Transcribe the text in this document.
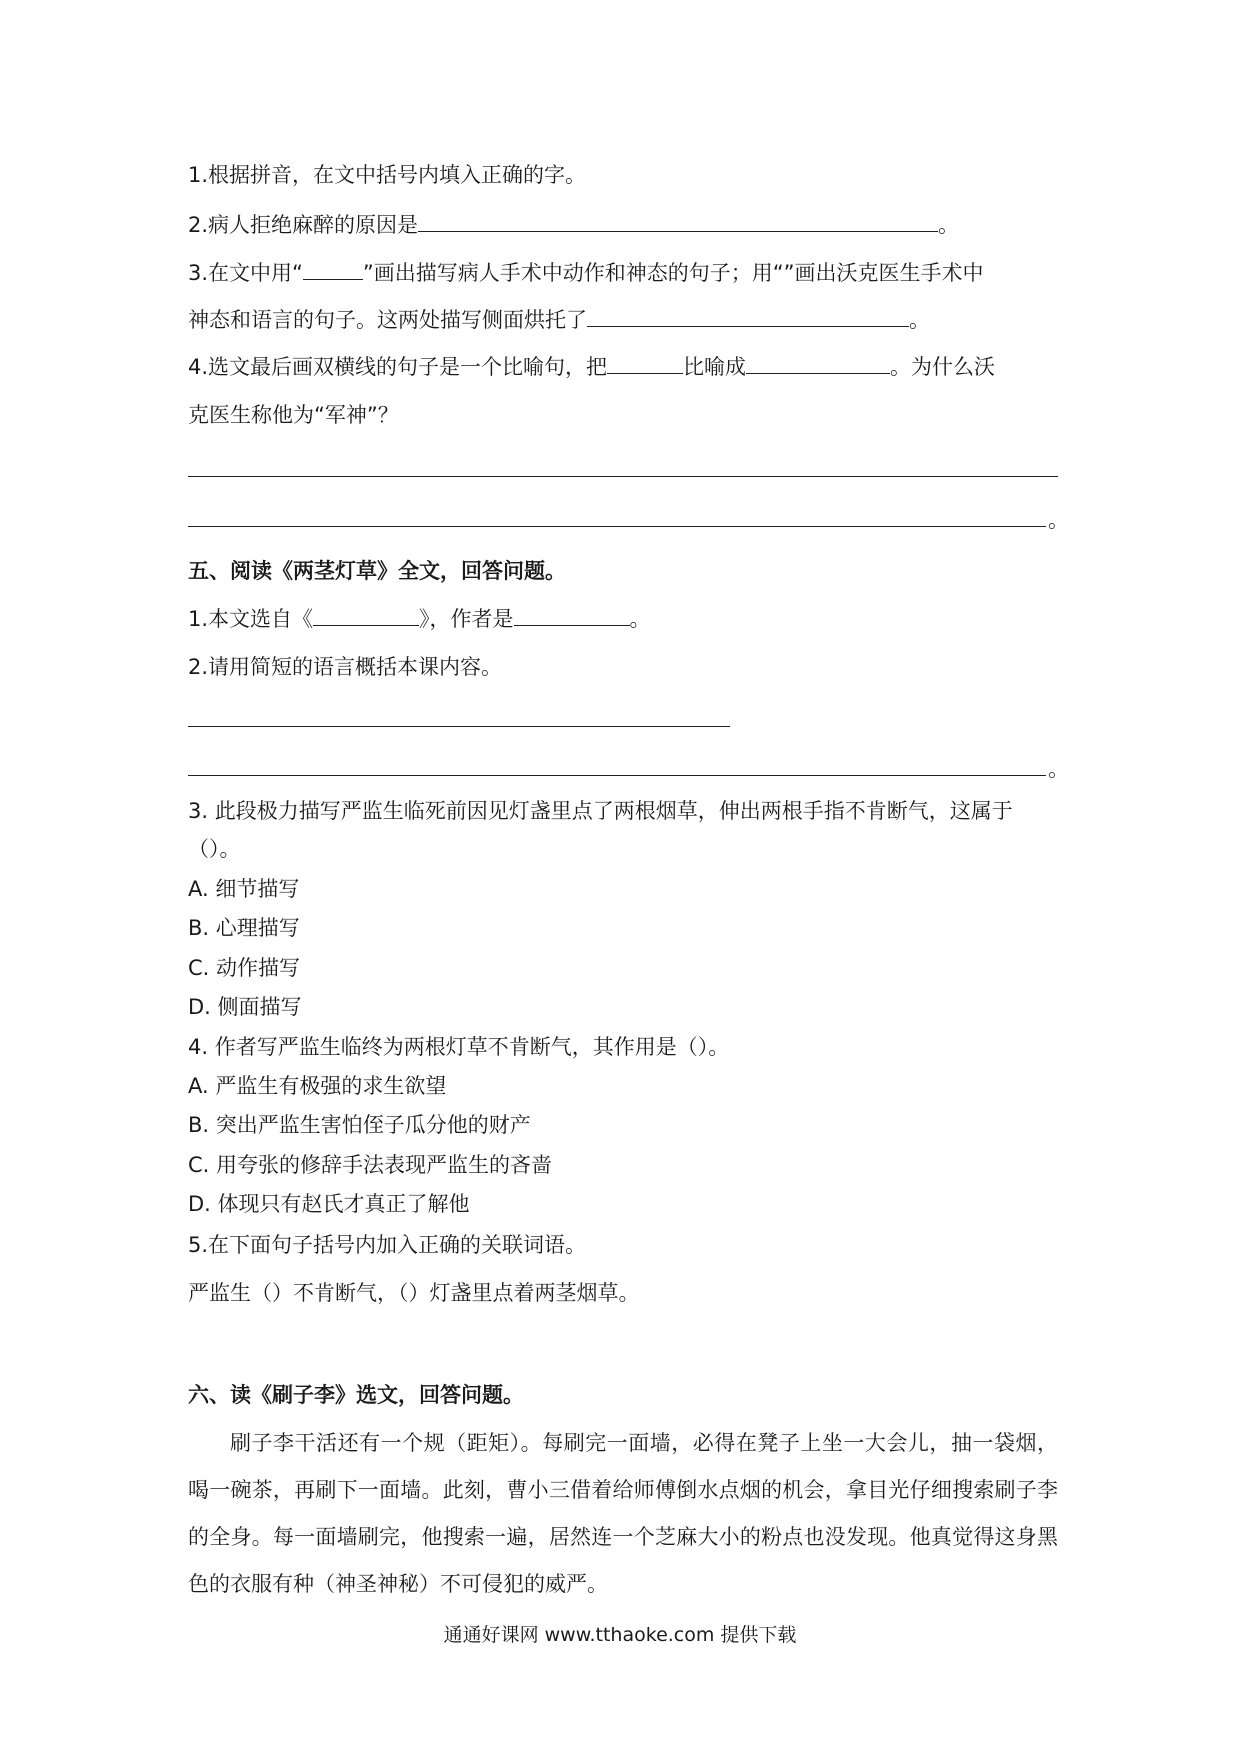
1.根据拼音，在文中括号内填入正确的字。
2.病人拒绝麻醉的原因是	。
3.在文中用“	”画出描写病人手术中动作和神态的句子；用“”画出沃克医生手术中
神态和语言的句子。这两处描写侧面烘托了	。
4.选文最后画双横线的句子是一个比喻句，把	比喻成	。为什么沃
克医生称他为“军神”？
。
五、阅读《两茎灯草》全文，回答问题。
1.本文选自《	》，作者是	。
2.请用简短的语言概括本课内容。
。
3. 此段极力描写严监生临死前因见灯盏里点了两根烟草，伸出两根手指不肯断气，这属于
（）。
A. 细节描写
B. 心理描写
C. 动作描写
D. 侧面描写
4. 作者写严监生临终为两根灯草不肯断气，其作用是（）。
A. 严监生有极强的求生欲望
B. 突出严监生害怕侄子瓜分他的财产
C. 用夸张的修辞手法表现严监生的吝啬
D. 体现只有赵氏才真正了解他
5.在下面句子括号内加入正确的关联词语。
严监生（）不肯断气，（）灯盏里点着两茎烟草。
六、读《刷子李》选文，回答问题。
刷子李干活还有一个规（距矩）。每刷完一面墙，必得在凳子上坐一大会儿，抽一袋烟，喝一碗茶，再刷下一面墙。此刻，曹小三借着给师傅倒水点烟的机会，拿目光仔细搜索刷子李的全身。每一面墙刷完，他搜索一遍，居然连一个芝麻大小的粉点也没发现。他真觉得这身黑色的衣服有种（神圣神秘）不可侵犯的威严。
通通好课网 www.tthaoke.com 提供下载
